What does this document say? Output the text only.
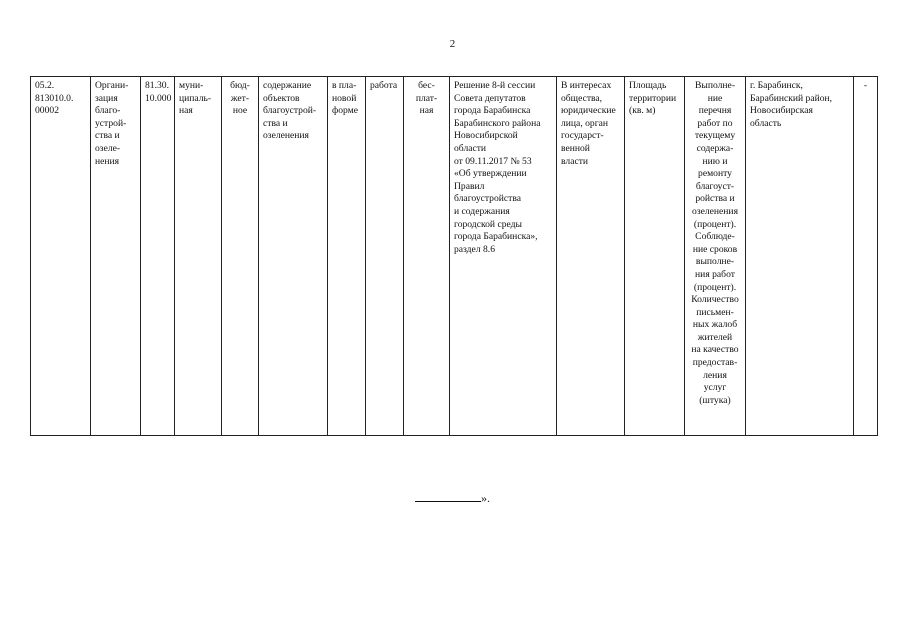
2
05.2.
813010.0.
00002	Органи-
зация
благо-
устрой-
ства и
озеле-
нения	81.30.
10.000	муни-
ципаль-
ная	бюд-
жет-
ное	содержание
объектов
благоустрой-
ства и
озеленения	в пла-
новой
форме	работа	бес-
плат-
ная	Решение 8-й сессии
Совета депутатов
города Барабинска
Барабинского района
Новосибирской
области
от 09.11.2017 № 53
«Об утверждении
Правил
благоустройства
и содержания
городской среды
города Барабинска»,
раздел 8.6	В интересах
общества,
юридические
лица, орган
государст-
венной
власти	Площадь
территории
(кв. м)	Выполне-
ние
перечня
работ по
текущему
содержа-
нию и
ремонту
благоуст-
ройства и
озеленения
(процент).
Соблюде-
ние сроков
выполне-
ния работ
(процент).
Количество
письмен-
ных жалоб
жителей
на качество
предостав-
ления
услуг
(штука)	г. Барабинск,
Барабинский район,
Новосибирская
область	-
».
